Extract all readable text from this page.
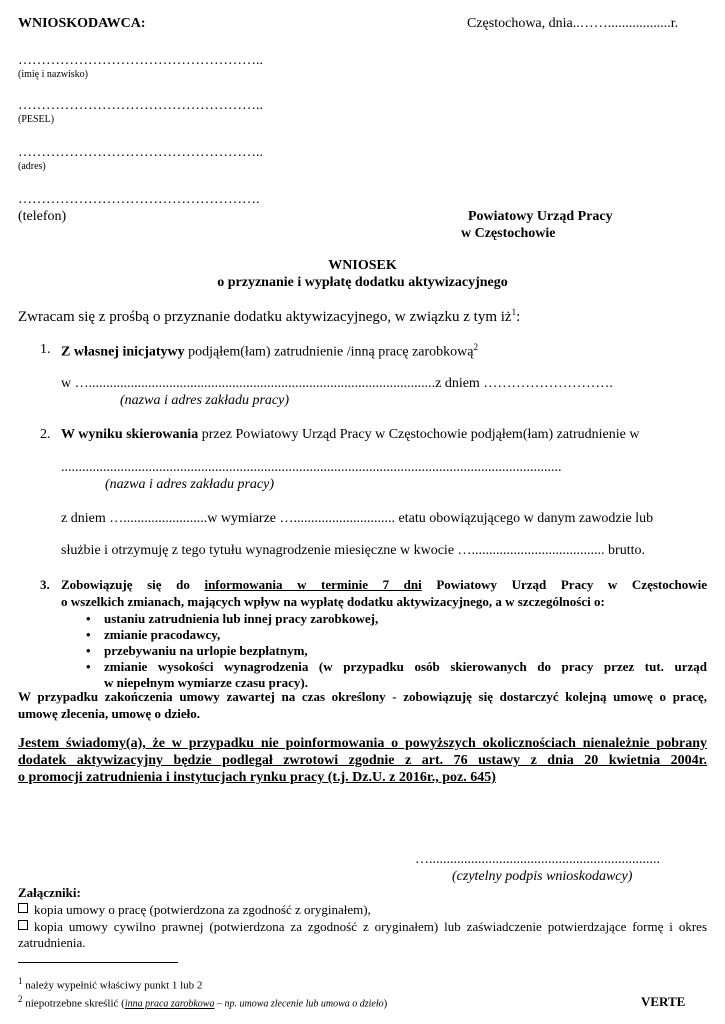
WNIOSKODAWCA:	Częstochowa, dnia..……..................r.
……………………………………………..
(imię i nazwisko)
……………………………………………..
(PESEL)
……………………………………………..
(adres)
…………………………………………….
(telefon)	Powiatowy Urząd Pracy
w Częstochowie
WNIOSEK
o przyznanie i wypłatę dodatku aktywizacyjnego
Zwracam się z prośbą o przyznanie dodatku aktywizacyjnego, w związku z tym $iż^1$:
1. Z własnej inicjatywy podjąłem(łam) zatrudnienie /inną pracę zarobkową$^2$
w …...................................................................................................z dniem ……………………….
(nazwa i adres zakładu pracy)
2. W wyniku skierowania przez Powiatowy Urząd Pracy w Częstochowie podjąłem(łam) zatrudnienie w
...............................................................................................................................................
(nazwa i adres zakładu pracy)
z dniem …........................w wymiarze …............................. etatu obowiązującego w danym zawodzie lub
służbie i otrzymuję z tego tytułu wynagrodzenie miesięczne w kwocie …...................................... brutto.
3. Zobowiązuję się do informowania w terminie 7 dni Powiatowy Urząd Pracy w Częstochowie
o wszelkich zmianach, mających wpływ na wypłatę dodatku aktywizacyjnego, a w szczególności o:
• ustaniu zatrudnienia lub innej pracy zarobkowej,
• zmianie pracodawcy,
• przebywaniu na urlopie bezpłatnym,
• zmianie wysokości wynagrodzenia (w przypadku osób skierowanych do pracy przez tut. urząd
w niepełnym wymiarze czasu pracy).
W przypadku zakończenia umowy zawartej na czas określony - zobowiązuję się dostarczyć kolejną umowę o pracę,
umowę zlecenia, umowę o dzieło.
Jestem świadomy(a), że w przypadku nie poinformowania o powyższych okolicznościach nienależnie pobrany
dodatek aktywizacyjny będzie podlegał zwrotowi zgodnie z art. 76 ustawy z dnia 20 kwietnia 2004r.
o promocji zatrudnienia i instytucjach rynku pracy (t.j. Dz.U. z 2016r., poz. 645)
…..................................................................
(czytelny podpis wnioskodawcy)
Załączniki:
kopia umowy o pracę (potwierdzona za zgodność z oryginałem),
kopia umowy cywilno prawnej (potwierdzona za zgodność z oryginałem) lub zaświadczenie potwierdzające formę i okres
zatrudnienia.
$^1$ należy wypełnić właściwy punkt 1 lub 2
$^2$ niepotrzebne skreślić (inna praca zarobkowa – np. umowa zlecenie lub umowa o dzieło)	VERTE
